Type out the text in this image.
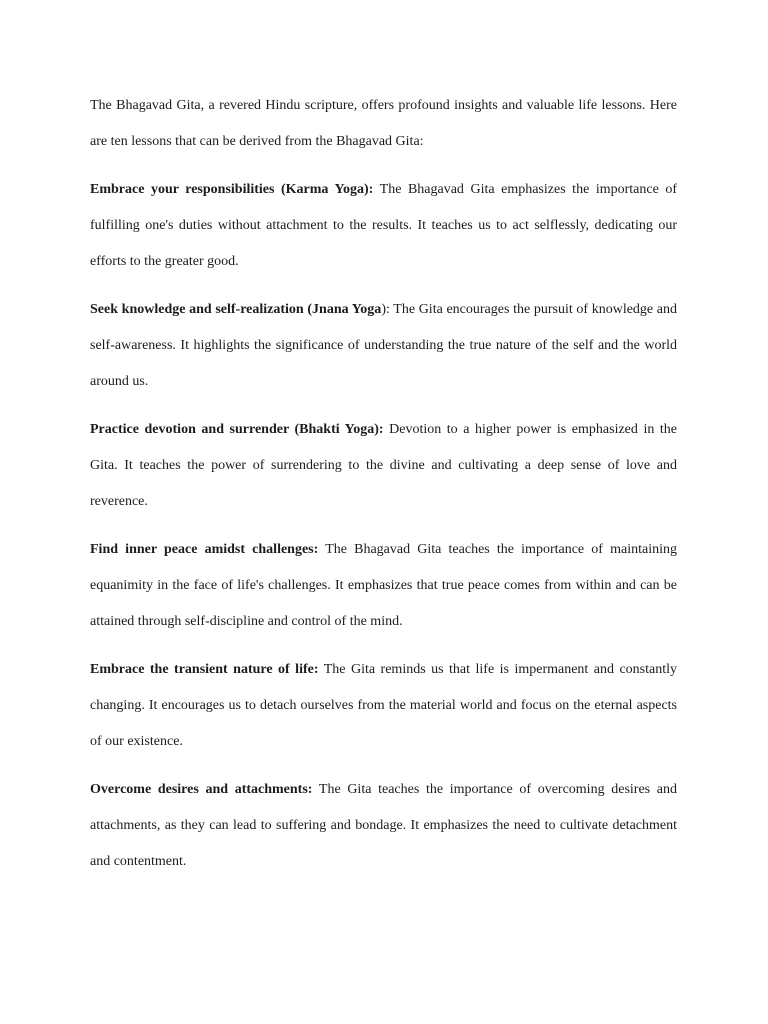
The Bhagavad Gita, a revered Hindu scripture, offers profound insights and valuable life lessons. Here are ten lessons that can be derived from the Bhagavad Gita:

Embrace your responsibilities (Karma Yoga): The Bhagavad Gita emphasizes the importance of fulfilling one's duties without attachment to the results. It teaches us to act selflessly, dedicating our efforts to the greater good.

Seek knowledge and self-realization (Jnana Yoga): The Gita encourages the pursuit of knowledge and self-awareness. It highlights the significance of understanding the true nature of the self and the world around us.

Practice devotion and surrender (Bhakti Yoga): Devotion to a higher power is emphasized in the Gita. It teaches the power of surrendering to the divine and cultivating a deep sense of love and reverence.

Find inner peace amidst challenges: The Bhagavad Gita teaches the importance of maintaining equanimity in the face of life's challenges. It emphasizes that true peace comes from within and can be attained through self-discipline and control of the mind.

Embrace the transient nature of life: The Gita reminds us that life is impermanent and constantly changing. It encourages us to detach ourselves from the material world and focus on the eternal aspects of our existence.

Overcome desires and attachments: The Gita teaches the importance of overcoming desires and attachments, as they can lead to suffering and bondage. It emphasizes the need to cultivate detachment and contentment.
